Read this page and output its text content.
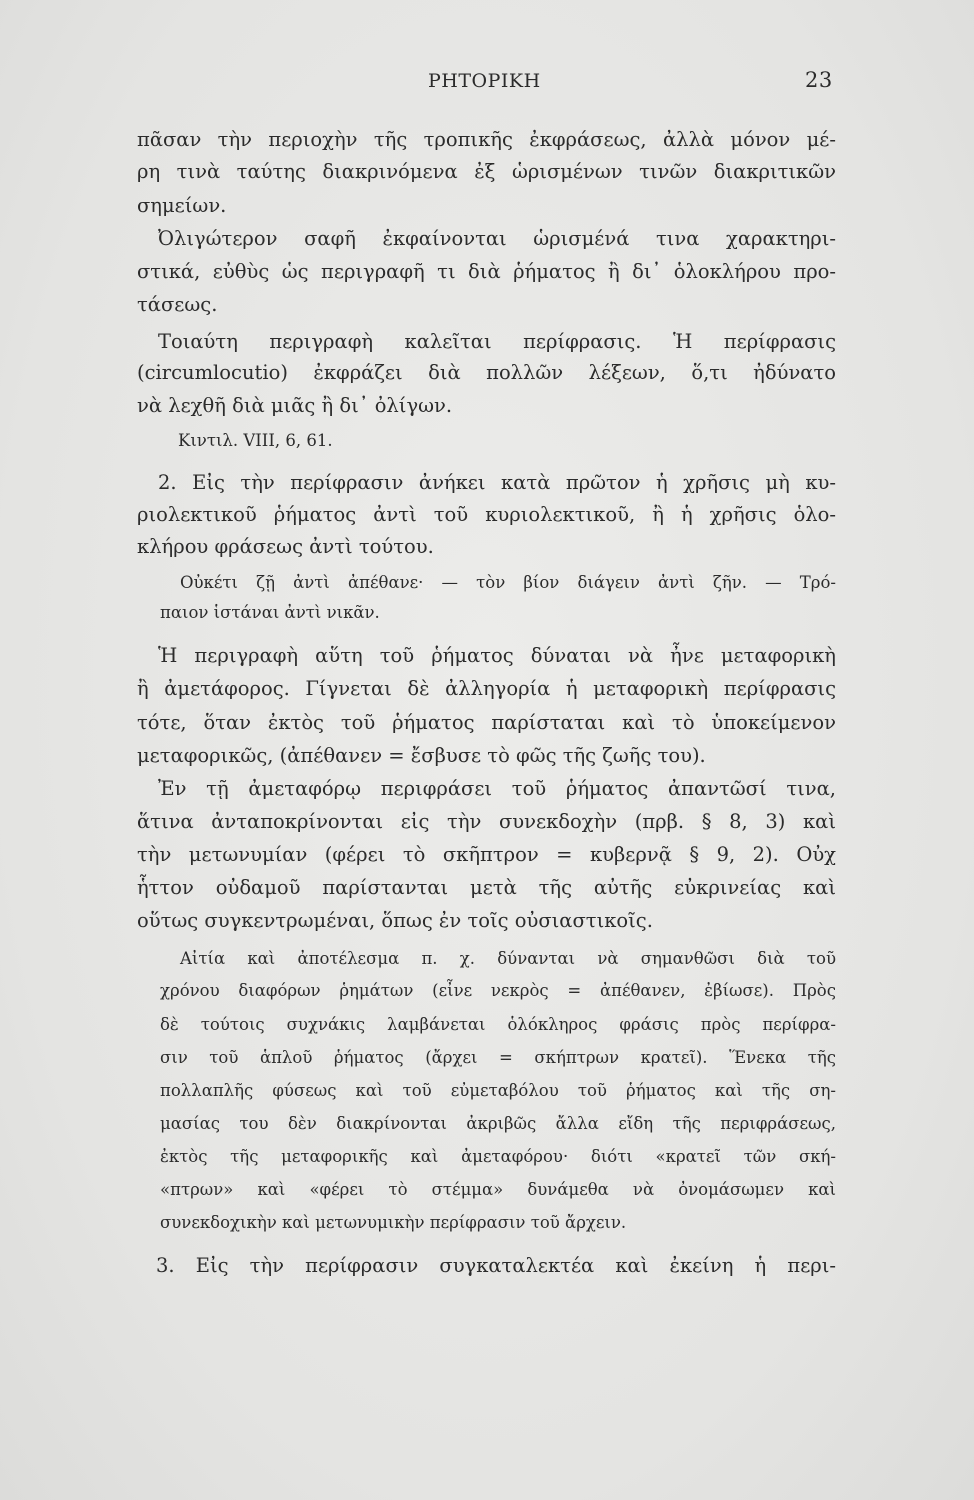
ΡΗΤΟΡΙΚΗ	23
πᾶσαν τὴν περιοχὴν τῆς τροπικῆς ἐκφράσεως, ἀλλὰ μόνον μέ-
ρη τινὰ ταύτης διακρινόμενα ἐξ ὡρισμένων τινῶν διακριτικῶν
σημείων.
Ὀλιγώτερον σαφῆ ἐκφαίνονται ὡρισμένά τινα χαρακτηρι-
στικά, εὐθὺς ὡς περιγραφῆ τι διὰ ῥήματος ἢ δι᾽ ὁλοκλήρου προ-
τάσεως.
Τοιαύτη περιγραφὴ καλεῖται περίφρασις. Ἡ περίφρασις
(circumlocutio) ἐκφράζει διὰ πολλῶν λέξεων, ὅ,τι ἠδύνατο
νὰ λεχθῆ διὰ μιᾶς ἢ δι᾽ ὀλίγων.
Κιντιλ. VIII, 6, 61.
2. Εἰς τὴν περίφρασιν ἀνήκει κατὰ πρῶτον ἡ χρῆσις μὴ κυ-
ριολεκτικοῦ ῥήματος ἀντὶ τοῦ κυριολεκτικοῦ, ἢ ἡ χρῆσις ὁλο-
κλήρου φράσεως ἀντὶ τούτου.
Οὐκέτι ζῇ ἀντὶ ἀπέθανε· — τὸν βίον διάγειν ἀντὶ ζῆν. — Τρό-
παιον ἱστάναι ἀντὶ νικᾶν.
Ἡ περιγραφὴ αὕτη τοῦ ῥήματος δύναται νὰ ἦνε μεταφορικὴ
ἢ ἀμετάφορος. Γίγνεται δὲ ἀλληγορία ἡ μεταφορικὴ περίφρασις
τότε, ὅταν ἐκτὸς τοῦ ῥήματος παρίσταται καὶ τὸ ὑποκείμενον
μεταφορικῶς, (ἀπέθανεν = ἔσβυσε τὸ φῶς τῆς ζωῆς του).
Ἐν τῇ ἀμεταφόρῳ περιφράσει τοῦ ῥήματος ἀπαντῶσί τινα,
ἅτινα ἀνταποκρίνονται εἰς τὴν συνεκδοχὴν (πρβ. § 8, 3) καὶ
τὴν μετωνυμίαν (φέρει τὸ σκῆπτρον = κυβερνᾷ § 9, 2). Οὐχ
ἧττον οὐδαμοῦ παρίστανται μετὰ τῆς αὐτῆς εὐκρινείας καὶ
οὕτως συγκεντρωμέναι, ὅπως ἐν τοῖς οὐσιαστικοῖς.
Αἰτία καὶ ἀποτέλεσμα π. χ. δύνανται νὰ σημανθῶσι διὰ τοῦ
χρόνου διαφόρων ῥημάτων (εἶνε νεκρὸς = ἀπέθανεν, ἐβίωσε). Πρὸς
δὲ τούτοις συχνάκις λαμβάνεται ὁλόκληρος φράσις πρὸς περίφρα-
σιν τοῦ ἁπλοῦ ῥήματος (ἄρχει = σκήπτρων κρατεῖ). Ἕνεκα τῆς
πολλαπλῆς φύσεως καὶ τοῦ εὐμεταβόλου τοῦ ῥήματος καὶ τῆς ση-
μασίας του δὲν διακρίνονται ἀκριβῶς ἄλλα εἴδη τῆς περιφράσεως,
ἐκτὸς τῆς μεταφορικῆς καὶ ἀμεταφόρου· διότι «κρατεῖ τῶν σκή-
«πτρων» καὶ «φέρει τὸ στέμμα» δυνάμεθα νὰ ὀνομάσωμεν καὶ
συνεκδοχικὴν καὶ μετωνυμικὴν περίφρασιν τοῦ ἄρχειν.
3. Εἰς τὴν περίφρασιν συγκαταλεκτέα καὶ ἐκείνη ἡ περι-
